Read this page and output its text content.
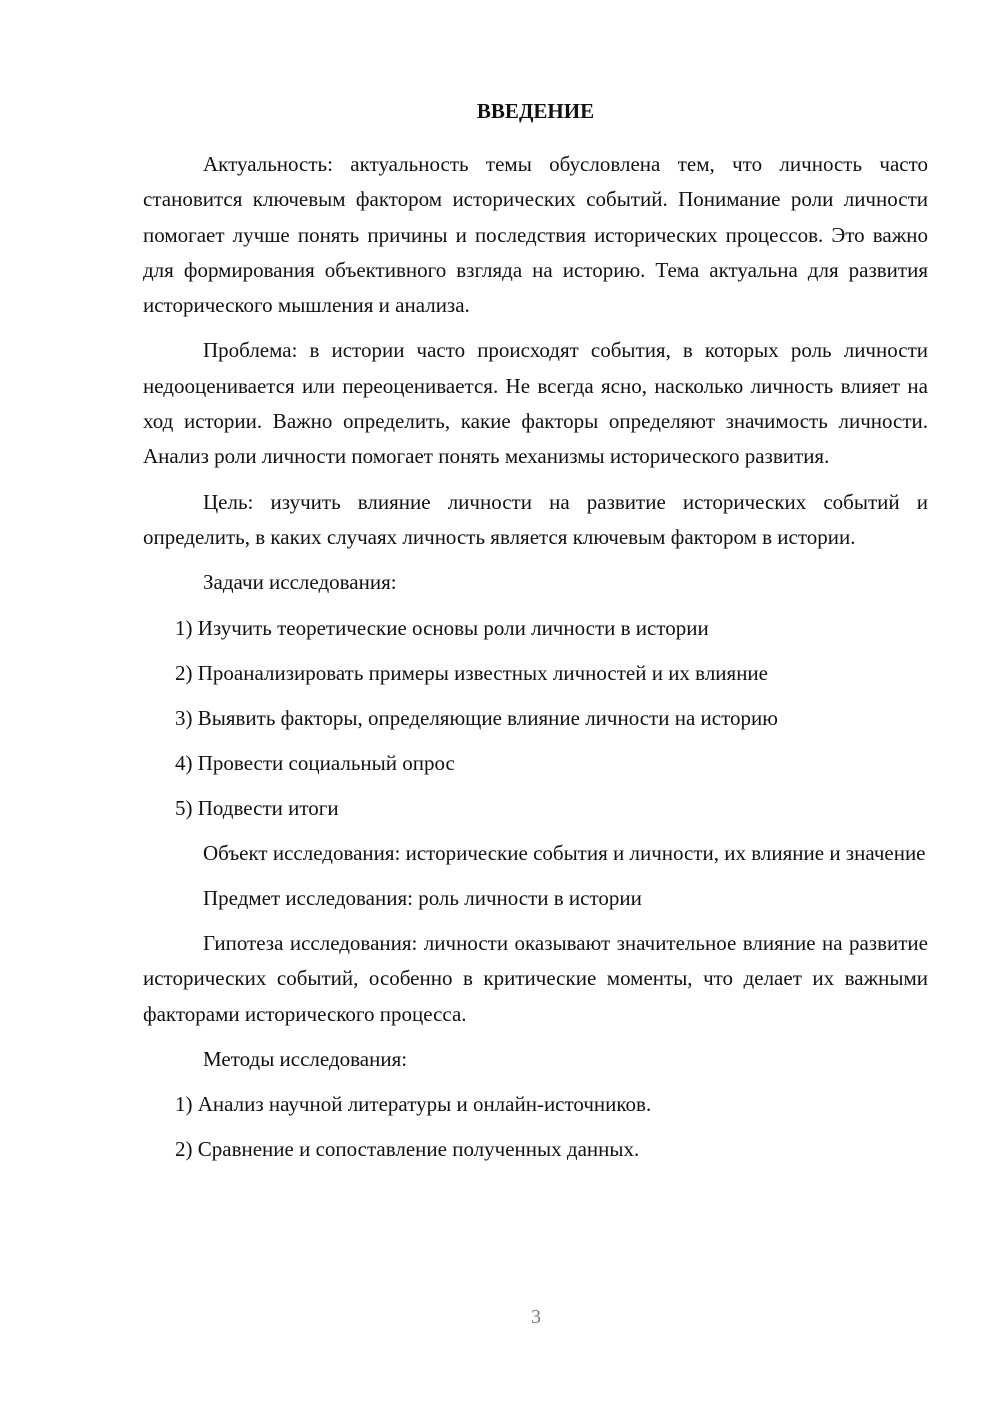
ВВЕДЕНИЕ

Актуальность: актуальность темы обусловлена тем, что личность часто становится ключевым фактором исторических событий. Понимание роли личности помогает лучше понять причины и последствия исторических процессов. Это важно для формирования объективного взгляда на историю. Тема актуальна для развития исторического мышления и анализа.

Проблема: в истории часто происходят события, в которых роль личности недооценивается или переоценивается. Не всегда ясно, насколько личность влияет на ход истории. Важно определить, какие факторы определяют значимость личности. Анализ роли личности помогает понять механизмы исторического развития.

Цель: изучить влияние личности на развитие исторических событий и определить, в каких случаях личность является ключевым фактором в истории.

Задачи исследования:

1) Изучить теоретические основы роли личности в истории

2) Проанализировать примеры известных личностей и их влияние

3) Выявить факторы, определяющие влияние личности на историю

4) Провести социальный опрос

5) Подвести итоги

Объект исследования: исторические события и личности, их влияние и значение

Предмет исследования: роль личности в истории

Гипотеза исследования: личности оказывают значительное влияние на развитие исторических событий, особенно в критические моменты, что делает их важными факторами исторического процесса.

Методы исследования:

1) Анализ научной литературы и онлайн-источников.

2) Сравнение и сопоставление полученных данных.

3
